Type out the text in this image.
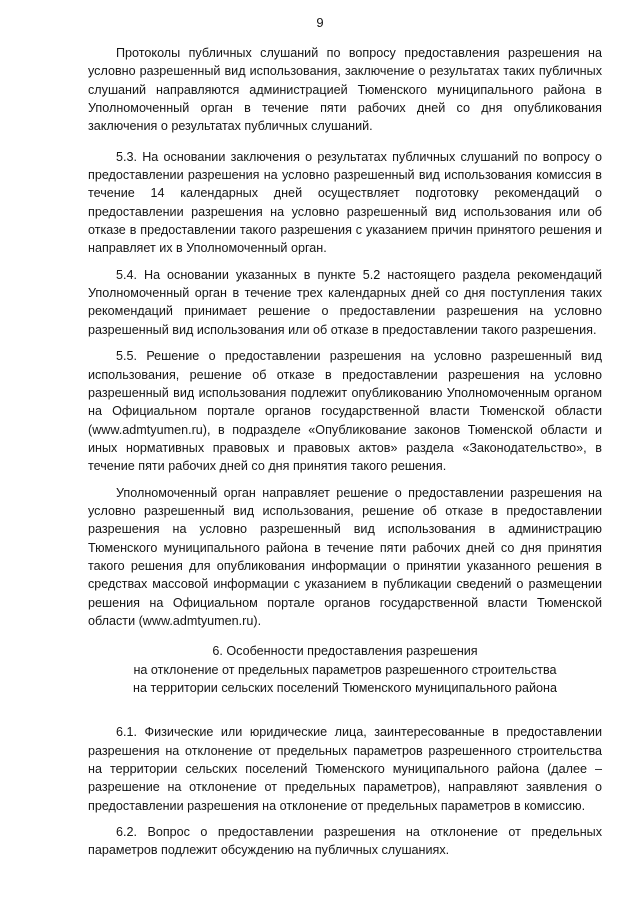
9

Протоколы публичных слушаний по вопросу предоставления разрешения на условно разрешенный вид использования, заключение о результатах таких публичных слушаний направляются администрацией Тюменского муниципального района в Уполномоченный орган в течение пяти рабочих дней со дня опубликования заключения о результатах публичных слушаний.

5.3. На основании заключения о результатах публичных слушаний по вопросу о предоставлении разрешения на условно разрешенный вид использования комиссия в течение 14 календарных дней осуществляет подготовку рекомендаций о предоставлении разрешения на условно разрешенный вид использования или об отказе в предоставлении такого разрешения с указанием причин принятого решения и направляет их в Уполномоченный орган.

5.4. На основании указанных в пункте 5.2 настоящего раздела рекомендаций Уполномоченный орган в течение трех календарных дней со дня поступления таких рекомендаций принимает решение о предоставлении разрешения на условно разрешенный вид использования или об отказе в предоставлении такого разрешения.

5.5. Решение о предоставлении разрешения на условно разрешенный вид использования, решение об отказе в предоставлении разрешения на условно разрешенный вид использования подлежит опубликованию Уполномоченным органом на Официальном портале органов государственной власти Тюменской области (www.admtyumen.ru), в подразделе «Опубликование законов Тюменской области и иных нормативных правовых и правовых актов» раздела «Законодательство», в течение пяти рабочих дней со дня принятия такого решения.

Уполномоченный орган направляет решение о предоставлении разрешения на условно разрешенный вид использования, решение об отказе в предоставлении разрешения на условно разрешенный вид использования в администрацию Тюменского муниципального района в течение пяти рабочих дней со дня принятия такого решения для опубликования информации о принятии указанного решения в средствах массовой информации с указанием в публикации сведений о размещении решения на Официальном портале органов государственной власти Тюменской области (www.admtyumen.ru).

6. Особенности предоставления разрешения
на отклонение от предельных параметров разрешенного строительства
на территории сельских поселений Тюменского муниципального района

6.1. Физические или юридические лица, заинтересованные в предоставлении разрешения на отклонение от предельных параметров разрешенного строительства на территории сельских поселений Тюменского муниципального района (далее – разрешение на отклонение от предельных параметров), направляют заявления о предоставлении разрешения на отклонение от предельных параметров в комиссию.

6.2. Вопрос о предоставлении разрешения на отклонение от предельных параметров подлежит обсуждению на публичных слушаниях.
